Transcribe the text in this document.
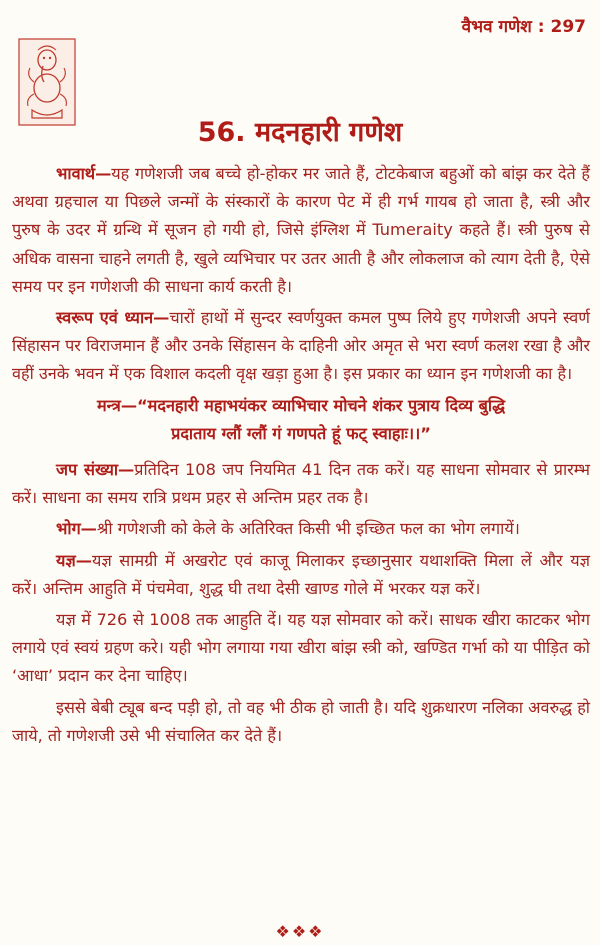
वैभव गणेश : 297
56. मदनहारी गणेश

भावार्थ—यह गणेशजी जब बच्चे हो-होकर मर जाते हैं, टोटकेबाज बहुओं को बांझ कर देते हैं अथवा ग्रहचाल या पिछले जन्मों के संस्कारों के कारण पेट में ही गर्भ गायब हो जाता है, स्त्री और पुरुष के उदर में ग्रन्थि में सूजन हो गयी हो, जिसे इंग्लिश में Tumeraity कहते हैं। स्त्री पुरुष से अधिक वासना चाहने लगती है, खुले व्यभिचार पर उतर आती है और लोकलाज को त्याग देती है, ऐसे समय पर इन गणेशजी की साधना कार्य करती है।

स्वरूप एवं ध्यान—चारों हाथों में सुन्दर स्वर्णयुक्त कमल पुष्प लिये हुए गणेशजी अपने स्वर्ण सिंहासन पर विराजमान हैं और उनके सिंहासन के दाहिनी ओर अमृत से भरा स्वर्ण कलश रखा है और वहीं उनके भवन में एक विशाल कदली वृक्ष खड़ा हुआ है। इस प्रकार का ध्यान इन गणेशजी का है।

मन्त्र—“मदनहारी महाभयंकर व्याभिचार मोचने शंकर पुत्राय दिव्य बुद्धि
प्रदाताय ग्लौं ग्लौं गं गणपते हूं फट् स्वाहाः।।”

जप संख्या—प्रतिदिन 108 जप नियमित 41 दिन तक करें। यह साधना सोमवार से प्रारम्भ करें। साधना का समय रात्रि प्रथम प्रहर से अन्तिम प्रहर तक है।

भोग—श्री गणेशजी को केले के अतिरिक्त किसी भी इच्छित फल का भोग लगायें।

यज्ञ—यज्ञ सामग्री में अखरोट एवं काजू मिलाकर इच्छानुसार यथाशक्ति मिला लें और यज्ञ करें। अन्तिम आहुति में पंचमेवा, शुद्ध घी तथा देसी खाण्ड गोले में भरकर यज्ञ करें।

यज्ञ में 726 से 1008 तक आहुति दें। यह यज्ञ सोमवार को करें। साधक खीरा काटकर भोग लगाये एवं स्वयं ग्रहण करे। यही भोग लगाया गया खीरा बांझ स्त्री को, खण्डित गर्भा को या पीड़ित को ‘आधा’ प्रदान कर देना चाहिए।

इससे बेबी ट्यूब बन्द पड़ी हो, तो वह भी ठीक हो जाती है। यदि शुक्रधारण नलिका अवरुद्ध हो जाये, तो गणेशजी उसे भी संचालित कर देते हैं।

❖❖❖
